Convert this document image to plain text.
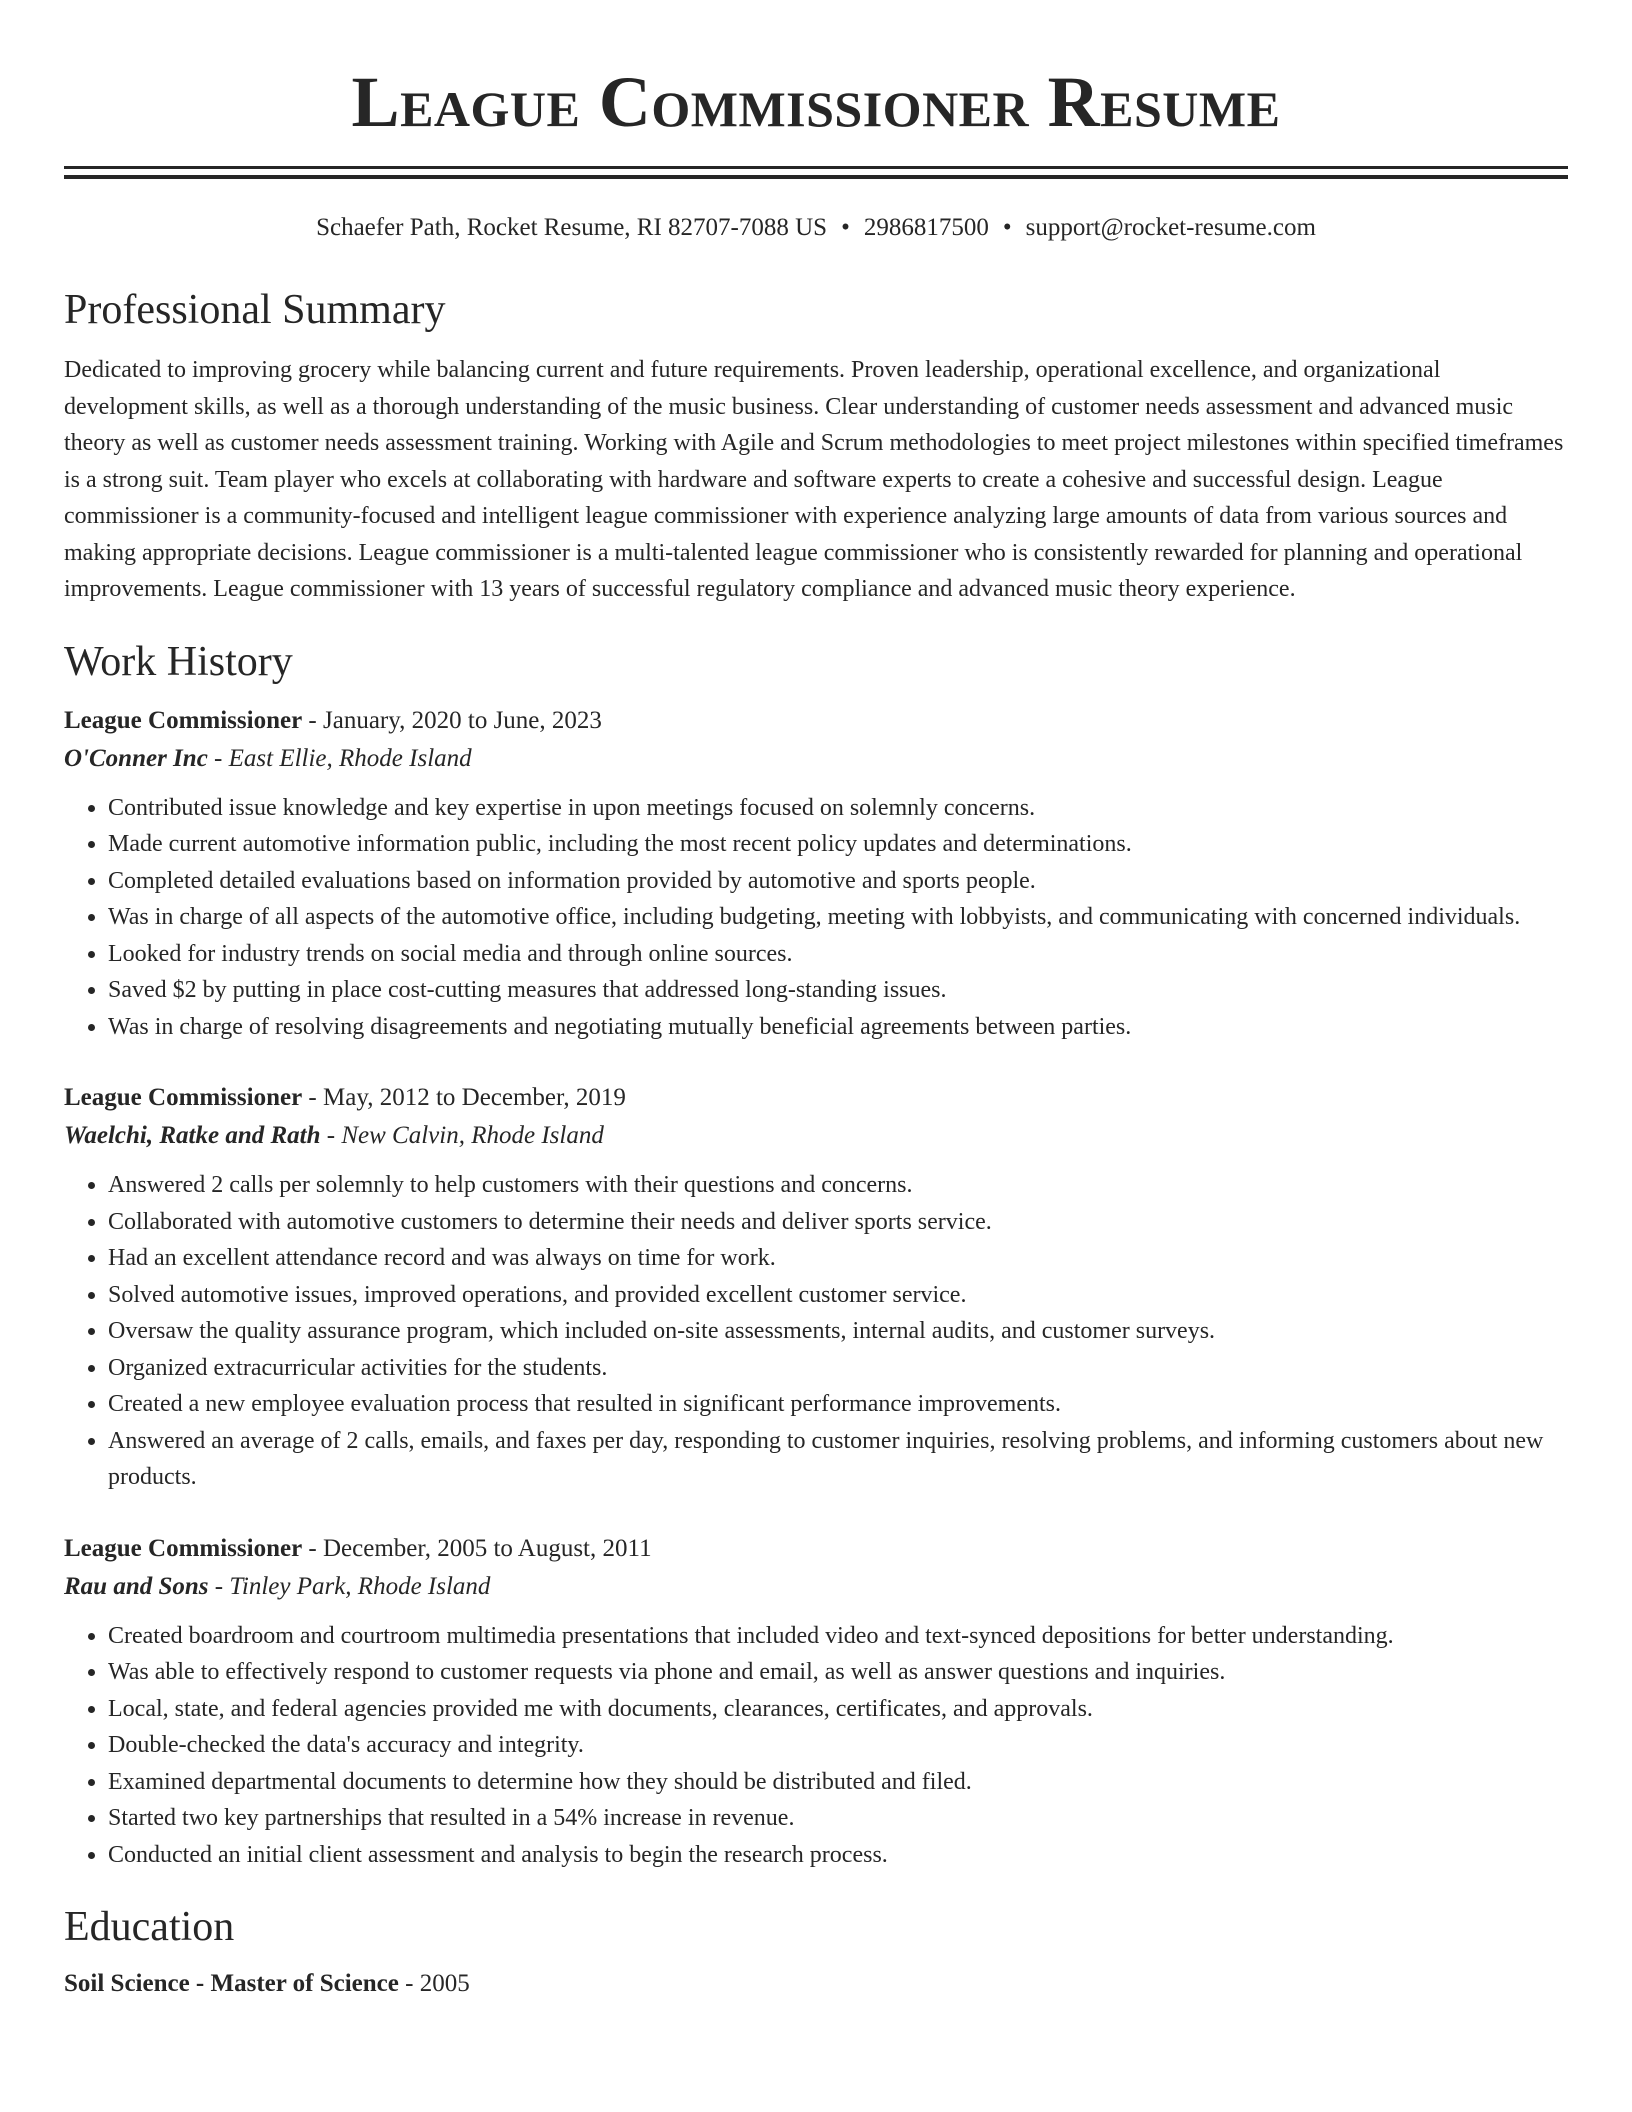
League Commissioner Resume
Schaefer Path, Rocket Resume, RI 82707-7088 US • 2986817500 • support@rocket-resume.com
Professional Summary

Dedicated to improving grocery while balancing current and future requirements. Proven leadership, operational excellence, and organizational development skills, as well as a thorough understanding of the music business. Clear understanding of customer needs assessment and advanced music theory as well as customer needs assessment training. Working with Agile and Scrum methodologies to meet project milestones within specified timeframes is a strong suit. Team player who excels at collaborating with hardware and software experts to create a cohesive and successful design. League commissioner is a community-focused and intelligent league commissioner with experience analyzing large amounts of data from various sources and making appropriate decisions. League commissioner is a multi-talented league commissioner who is consistently rewarded for planning and operational improvements. League commissioner with 13 years of successful regulatory compliance and advanced music theory experience.

Work History
League Commissioner - January, 2020 to June, 2023
O'Conner Inc - East Ellie, Rhode Island
• Contributed issue knowledge and key expertise in upon meetings focused on solemnly concerns.
• Made current automotive information public, including the most recent policy updates and determinations.
• Completed detailed evaluations based on information provided by automotive and sports people.
• Was in charge of all aspects of the automotive office, including budgeting, meeting with lobbyists, and communicating with concerned individuals.
• Looked for industry trends on social media and through online sources.
• Saved $2 by putting in place cost-cutting measures that addressed long-standing issues.
• Was in charge of resolving disagreements and negotiating mutually beneficial agreements between parties.
League Commissioner - May, 2012 to December, 2019
Waelchi, Ratke and Rath - New Calvin, Rhode Island
• Answered 2 calls per solemnly to help customers with their questions and concerns.
• Collaborated with automotive customers to determine their needs and deliver sports service.
• Had an excellent attendance record and was always on time for work.
• Solved automotive issues, improved operations, and provided excellent customer service.
• Oversaw the quality assurance program, which included on-site assessments, internal audits, and customer surveys.
• Organized extracurricular activities for the students.
• Created a new employee evaluation process that resulted in significant performance improvements.
• Answered an average of 2 calls, emails, and faxes per day, responding to customer inquiries, resolving problems, and informing customers about new products.
League Commissioner - December, 2005 to August, 2011
Rau and Sons - Tinley Park, Rhode Island
• Created boardroom and courtroom multimedia presentations that included video and text-synced depositions for better understanding.
• Was able to effectively respond to customer requests via phone and email, as well as answer questions and inquiries.
• Local, state, and federal agencies provided me with documents, clearances, certificates, and approvals.
• Double-checked the data's accuracy and integrity.
• Examined departmental documents to determine how they should be distributed and filed.
• Started two key partnerships that resulted in a 54% increase in revenue.
• Conducted an initial client assessment and analysis to begin the research process.
Education
Soil Science - Master of Science - 2005
